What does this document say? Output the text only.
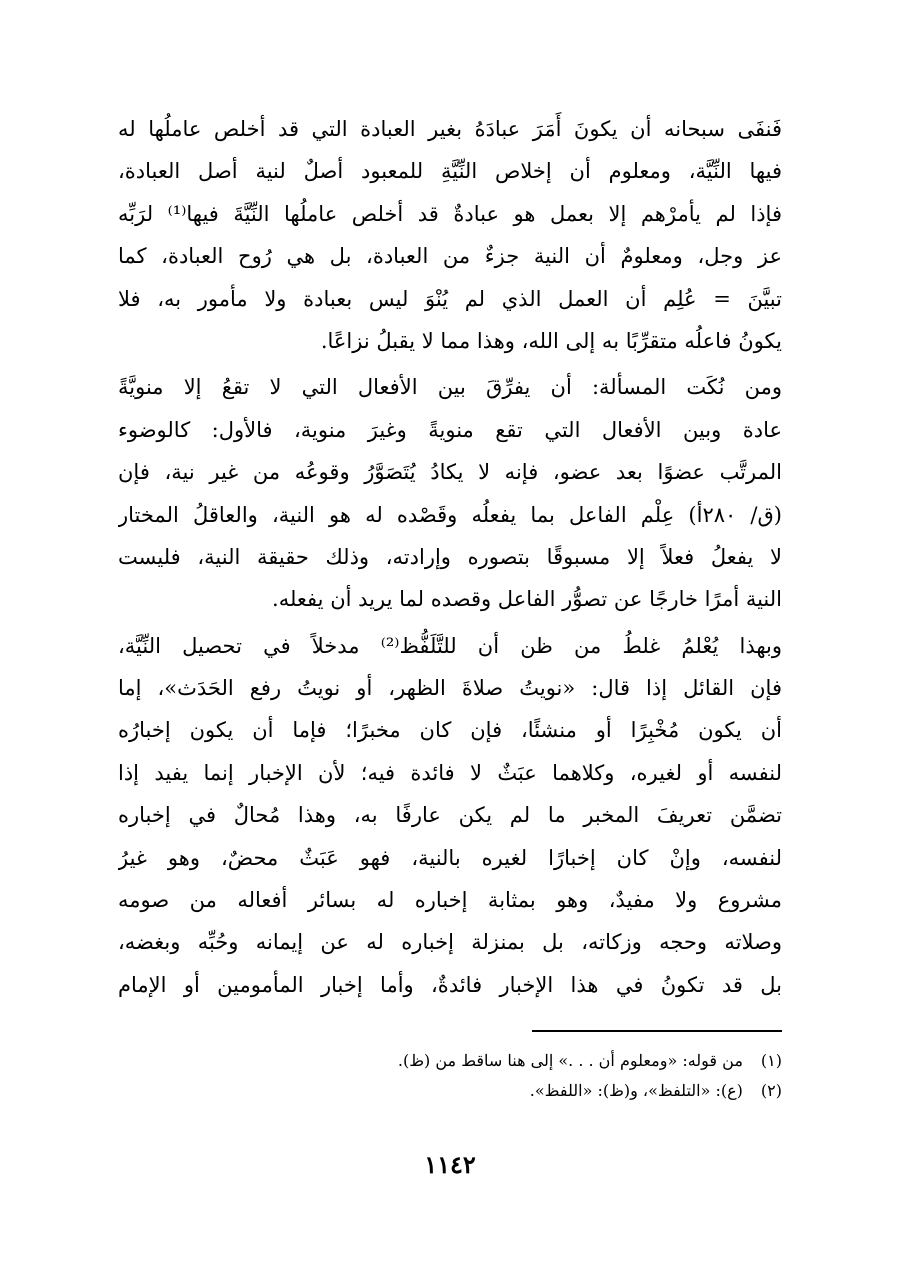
فَنفَى سبحانه أن يكونَ أَمَرَ عبادَهُ بغير العبادة التي قد أخلص عاملُها له
فيها النِّيَّة، ومعلوم أن إخلاص النِّيَّةِ للمعبود أصلٌ لنية أصل العبادة،
فإذا لم يأمرْهم إلا بعمل هو عبادةٌ قد أخلص عاملُها النِّيَّةَ فيها⁽¹⁾ لرَبِّه
عز وجل، ومعلومٌ أن النية جزءٌ من العبادة، بل هي رُوح العبادة، كما
تبيَّنَ = عُلِم أن العمل الذي لم يُنْوَ ليس بعبادة ولا مأمور به، فلا
يكونُ فاعلُه متقرِّبًا به إلى الله، وهذا مما لا يقبلُ نزاعًا.
ومن نُكَت المسألة: أن يفرِّقَ بين الأفعال التي لا تقعُ إلا منويَّةً
عادة وبين الأفعال التي تقع منويةً وغيرَ منوية، فالأول: كالوضوء
المرتَّب عضوًا بعد عضو، فإنه لا يكادُ يُتَصَوَّرُ وقوعُه من غير نية، فإن
(ق/ ٢٨٠أ) عِلْم الفاعل بما يفعلُه وقَصْده له هو النية، والعاقلُ المختار
لا يفعلُ فعلاً إلا مسبوقًا بتصوره وإرادته، وذلك حقيقة النية، فليست
النية أمرًا خارجًا عن تصوُّر الفاعل وقصده لما يريد أن يفعله.
وبهذا يُعْلمُ غلطُ من ظن أن للتَّلَفُّظ⁽²⁾ مدخلاً في تحصيل النِّيَّة،
فإن القائل إذا قال: «نويتُ صلاةَ الظهر، أو نويتُ رفع الحَدَث»، إما
أن يكون مُخْبِرًا أو منشئًا، فإن كان مخبرًا؛ فإما أن يكون إخبارُه
لنفسه أو لغيره، وكلاهما عبَثٌ لا فائدة فيه؛ لأن الإخبار إنما يفيد إذا
تضمَّن تعريفَ المخبر ما لم يكن عارفًا به، وهذا مُحالٌ في إخباره
لنفسه، وإنْ كان إخبارًا لغيره بالنية، فهو عَبَثٌ محضٌ، وهو غيرُ
مشروع ولا مفيدٌ، وهو بمثابة إخباره له بسائر أفعاله من صومه
وصلاته وحجه وزكاته، بل بمنزلة إخباره له عن إيمانه وحُبِّه وبغضه،
بل قد تكونُ في هذا الإخبار فائدةٌ، وأما إخبار المأمومين أو الإمام
(١) من قوله: «ومعلوم أن . . .» إلى هنا ساقط من (ظ).
(٢) (ع): «التلفظ»، و(ظ): «اللفظ».
١١٤٢
